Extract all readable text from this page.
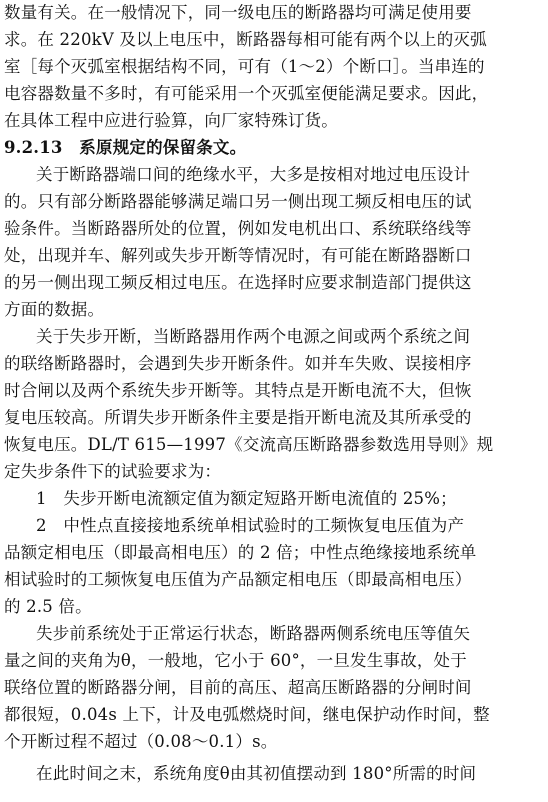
数量有关。在一般情况下，同一级电压的断路器均可满足使用要
求。在 220kV 及以上电压中，断路器每相可能有两个以上的灭弧
室［每个灭弧室根据结构不同，可有（1～2）个断口］。当串连的
电容器数量不多时，有可能采用一个灭弧室便能满足要求。因此，
在具体工程中应进行验算，向厂家特殊订货。
9.2.13　系原规定的保留条文。
关于断路器端口间的绝缘水平，大多是按相对地过电压设计
的。只有部分断路器能够满足端口另一侧出现工频反相电压的试
验条件。当断路器所处的位置，例如发电机出口、系统联络线等
处，出现并车、解列或失步开断等情况时，有可能在断路器断口
的另一侧出现工频反相过电压。在选择时应要求制造部门提供这
方面的数据。
关于失步开断，当断路器用作两个电源之间或两个系统之间
的联络断路器时，会遇到失步开断条件。如并车失败、误接相序
时合闸以及两个系统失步开断等。其特点是开断电流不大，但恢
复电压较高。所谓失步开断条件主要是指开断电流及其所承受的
恢复电压。DL/T 615—1997《交流高压断路器参数选用导则》规
定失步条件下的试验要求为：
1　失步开断电流额定值为额定短路开断电流值的 25%；
2　中性点直接接地系统单相试验时的工频恢复电压值为产
品额定相电压（即最高相电压）的 2 倍；中性点绝缘接地系统单
相试验时的工频恢复电压值为产品额定相电压（即最高相电压）
的 2.5 倍。
失步前系统处于正常运行状态，断路器两侧系统电压等值矢
量之间的夹角为θ，一般地，它小于 60°，一旦发生事故，处于
联络位置的断路器分闸，目前的高压、超高压断路器的分闸时间
都很短，0.04s 上下，计及电弧燃烧时间，继电保护动作时间，整
个开断过程不超过（0.08～0.1）s。
在此时间之末，系统角度θ由其初值摆动到 180°所需的时间
